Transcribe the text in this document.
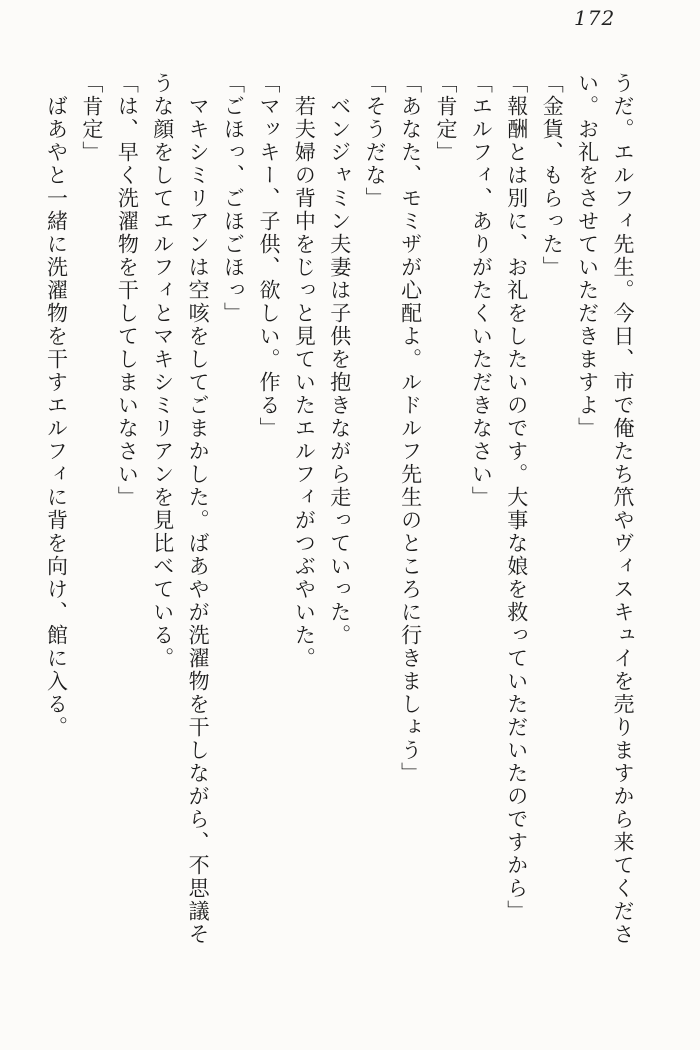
172

うだ。エルフィ先生。今日、市で俺たち笊やヴィスキュイを売りますから来てくださ

い。お礼をさせていただきますよ」

「金貨、もらった」

「報酬とは別に、お礼をしたいのです。大事な娘を救っていただいたのですから」

「エルフィ、ありがたくいただきなさい」

「肯定」

「あなた、モミザが心配よ。ルドルフ先生のところに行きましょう」

「そうだな」

　ベンジャミン夫妻は子供を抱きながら走っていった。

　若夫婦の背中をじっと見ていたエルフィがつぶやいた。

「マッキー、子供、欲しい。作る」

「ごほっ、ごほごほっ」

　マキシミリアンは空咳をしてごまかした。ばあやが洗濯物を干しながら、不思議そ

うな顔をしてエルフィとマキシミリアンを見比べている。

「は、早く洗濯物を干してしまいなさい」

「肯定」

　ばあやと一緒に洗濯物を干すエルフィに背を向け、館に入る。
